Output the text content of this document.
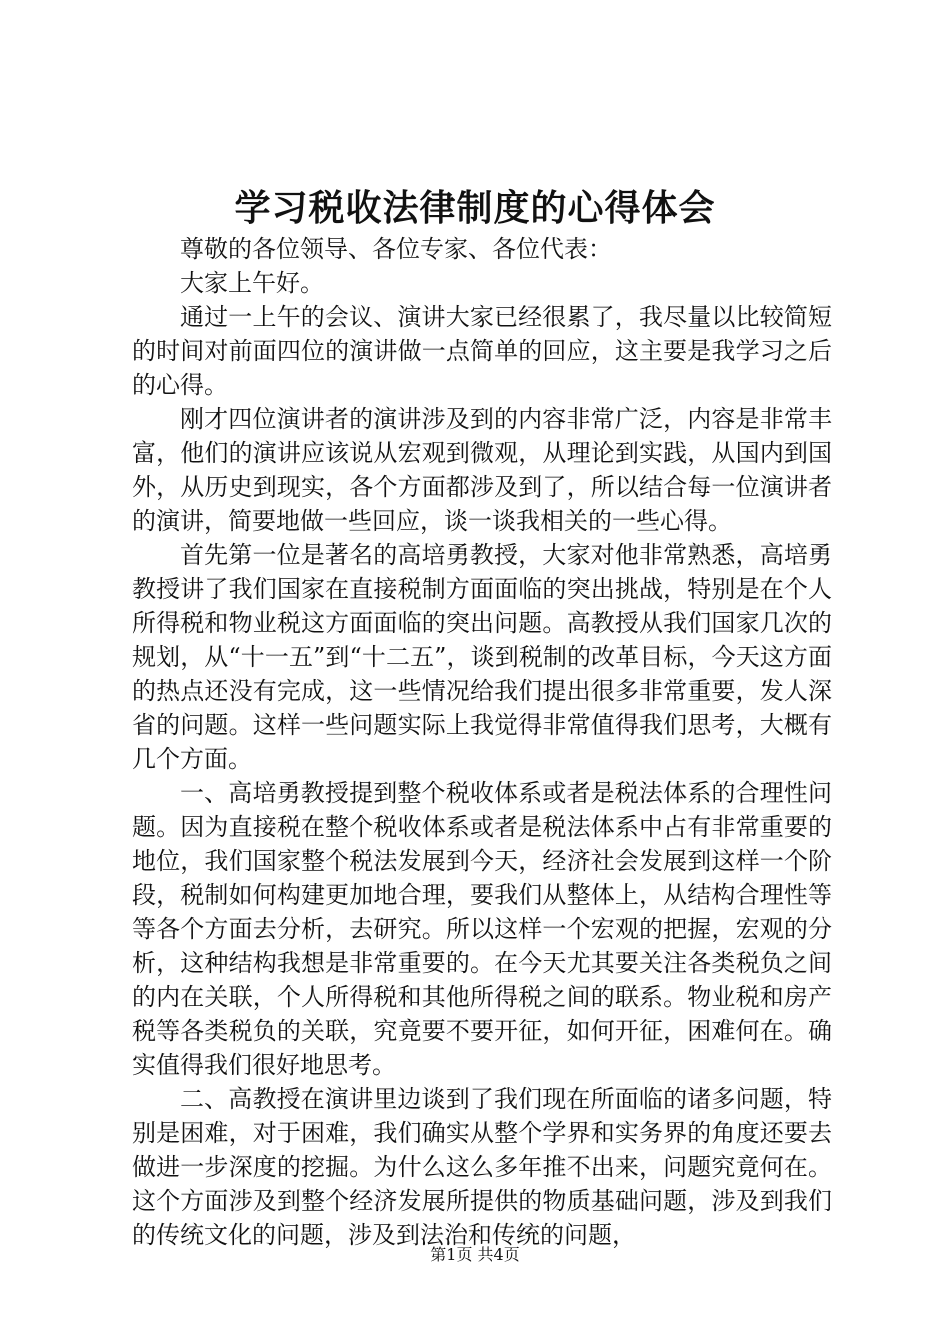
学习税收法律制度的心得体会

尊敬的各位领导、各位专家、各位代表：

大家上午好。

通过一上午的会议、演讲大家已经很累了，我尽量以比较简短的时间对前面四位的演讲做一点简单的回应，这主要是我学习之后的心得。

刚才四位演讲者的演讲涉及到的内容非常广泛，内容是非常丰富，他们的演讲应该说从宏观到微观，从理论到实践，从国内到国外，从历史到现实，各个方面都涉及到了，所以结合每一位演讲者的演讲，简要地做一些回应，谈一谈我相关的一些心得。

首先第一位是著名的高培勇教授，大家对他非常熟悉，高培勇教授讲了我们国家在直接税制方面面临的突出挑战，特别是在个人所得税和物业税这方面面临的突出问题。高教授从我们国家几次的规划，从“十一五”到“十二五”，谈到税制的改革目标，今天这方面的热点还没有完成，这一些情况给我们提出很多非常重要，发人深省的问题。这样一些问题实际上我觉得非常值得我们思考，大概有几个方面。

一、高培勇教授提到整个税收体系或者是税法体系的合理性问题。因为直接税在整个税收体系或者是税法体系中占有非常重要的地位，我们国家整个税法发展到今天，经济社会发展到这样一个阶段，税制如何构建更加地合理，要我们从整体上，从结构合理性等等各个方面去分析，去研究。所以这样一个宏观的把握，宏观的分析，这种结构我想是非常重要的。在今天尤其要关注各类税负之间的内在关联，个人所得税和其他所得税之间的联系。物业税和房产税等各类税负的关联，究竟要不要开征，如何开征，困难何在。确实值得我们很好地思考。

二、高教授在演讲里边谈到了我们现在所面临的诸多问题，特别是困难，对于困难，我们确实从整个学界和实务界的角度还要去做进一步深度的挖掘。为什么这么多年推不出来，问题究竟何在。这个方面涉及到整个经济发展所提供的物质基础问题，涉及到我们的传统文化的问题，涉及到法治和传统的问题，

第1页 共4页
